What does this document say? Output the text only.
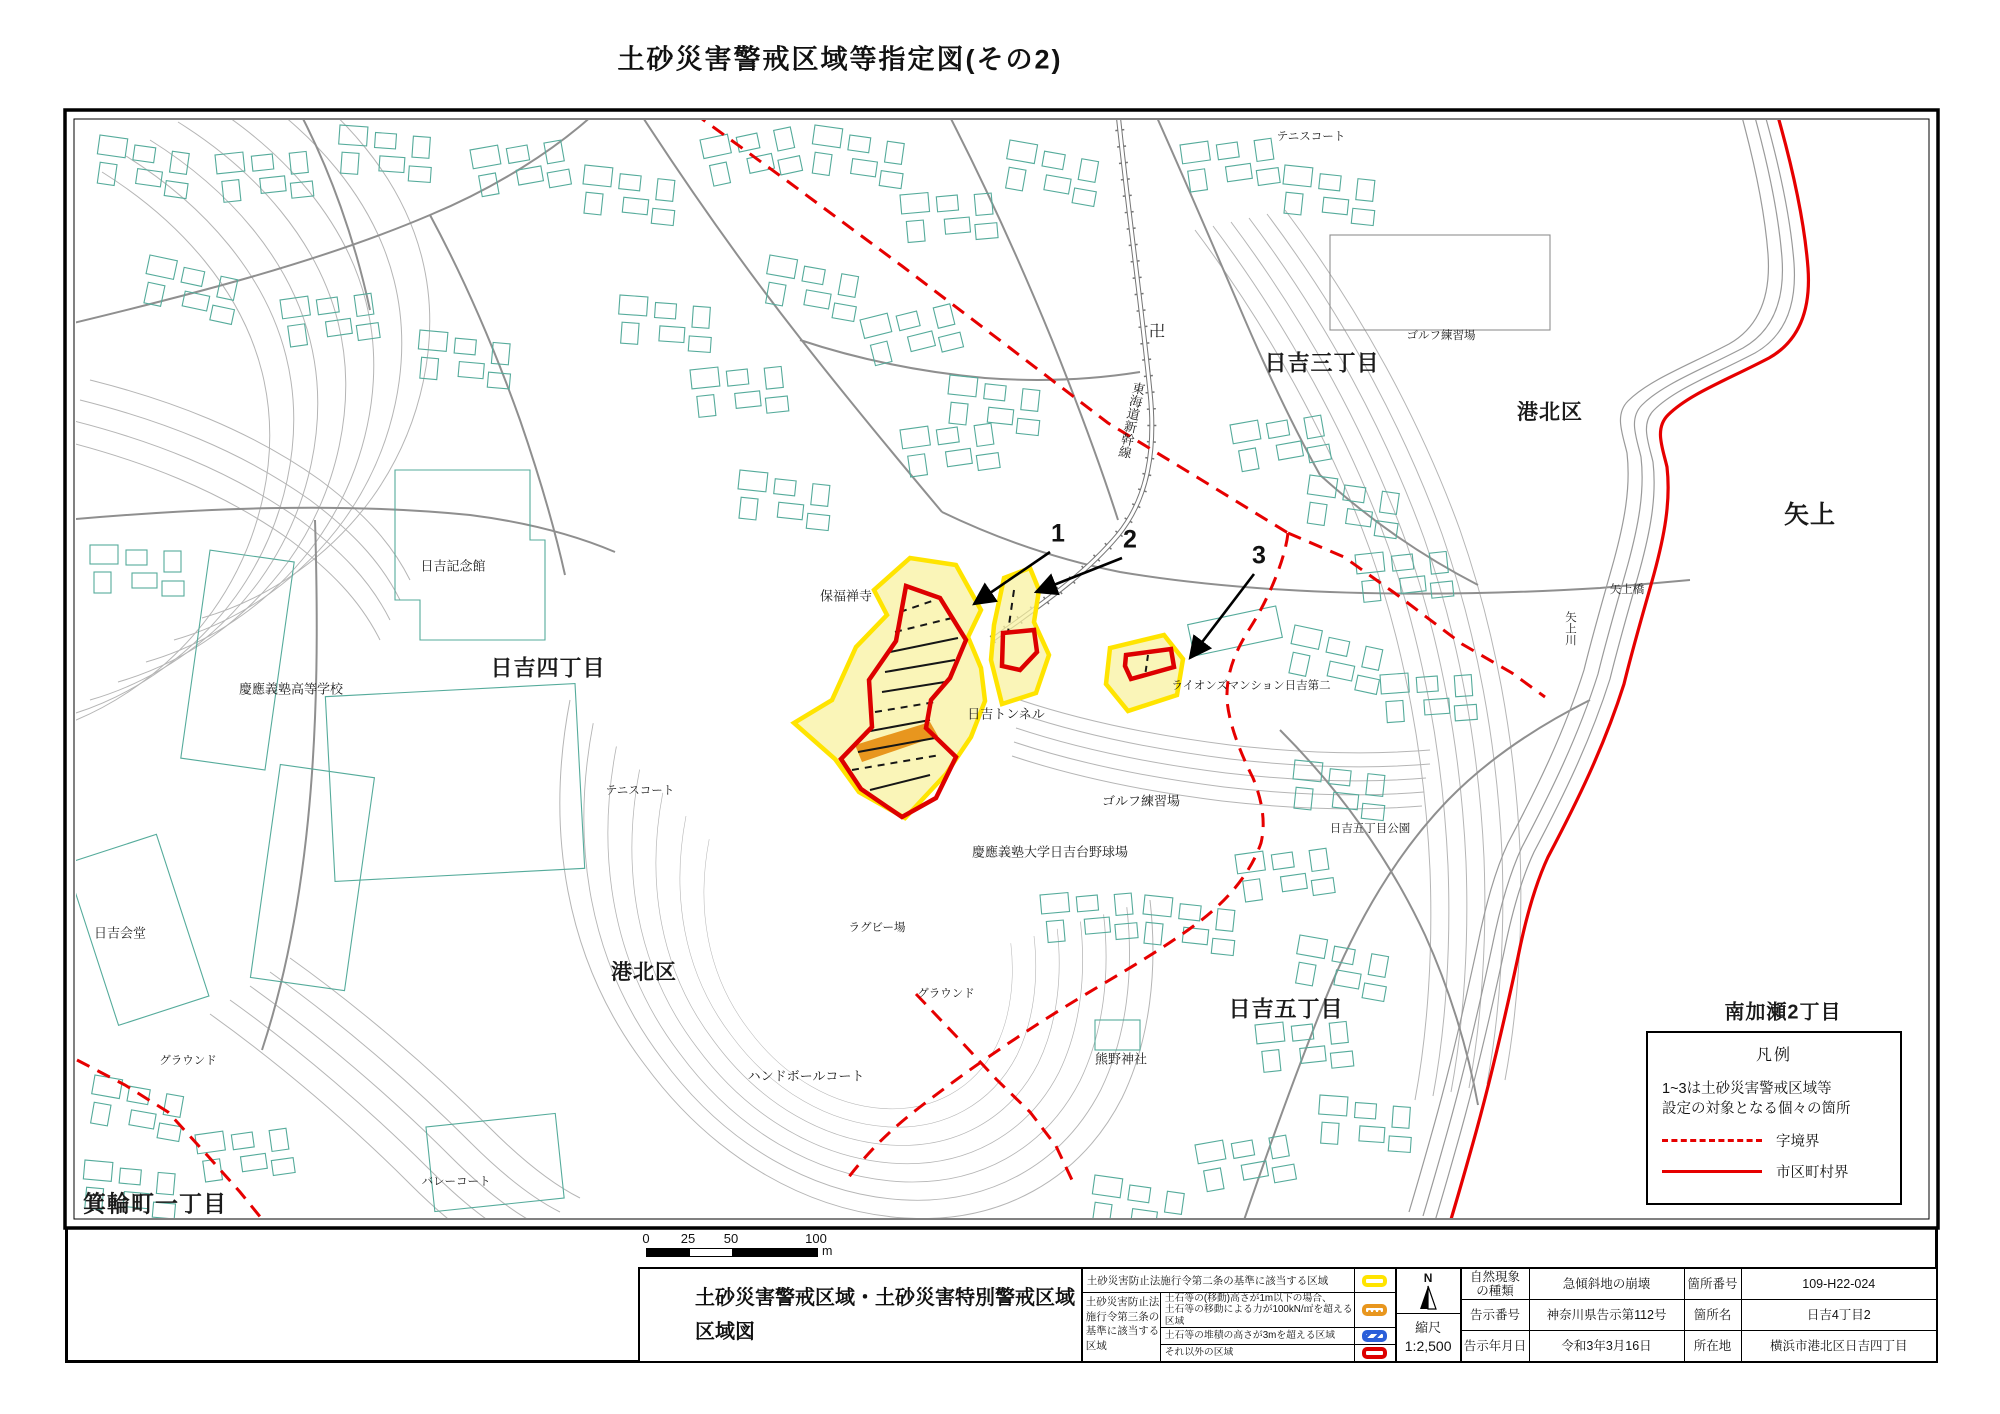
土砂災害警戒区域等指定図(その2)
テニスコート
ゴルフ練習場
日吉三丁目
港北区
矢上
矢上橋
矢上川
東海道新幹線
卍
日吉記念館
日吉四丁目
慶應義塾高等学校
保福禅寺
日吉トンネル
テニスコート
ライオンズマンション日吉第二
ゴルフ練習場
日吉五丁目公園
慶應義塾大学日吉台野球場
ラグビー場
グラウンド
ハンドボールコート
港北区
グラウンド
日吉会堂
バレーコート
箕輪町一丁目
日吉五丁目
熊野神社
南加瀬2丁目
1 2
3
凡例
1~3は土砂災害警戒区域等
設定の対象となる個々の箇所
字境界
市区町村界
0 25 50	100
m
土砂災害警戒区域・土砂災害特別警戒区域
区域図
土砂災害防止法施行令第二条の基準に該当する区域
土砂災害防止法
施行令第三条の
基準に該当する
区域
土石等の(移動)高さが1m以下の場合、
土石等の移動による力が100kN/㎡を超える区域
土石等の堆積の高さが3mを超える区域
それ以外の区域
N
縮尺
1:2,500
自然現象
の種類
急傾斜地の崩壊	箇所番号	109-H22-024
告示番号	神奈川県告示第112号	箇所名	日吉4丁目2
告示年月日	令和3年3月16日	所在地	横浜市港北区日吉四丁目
